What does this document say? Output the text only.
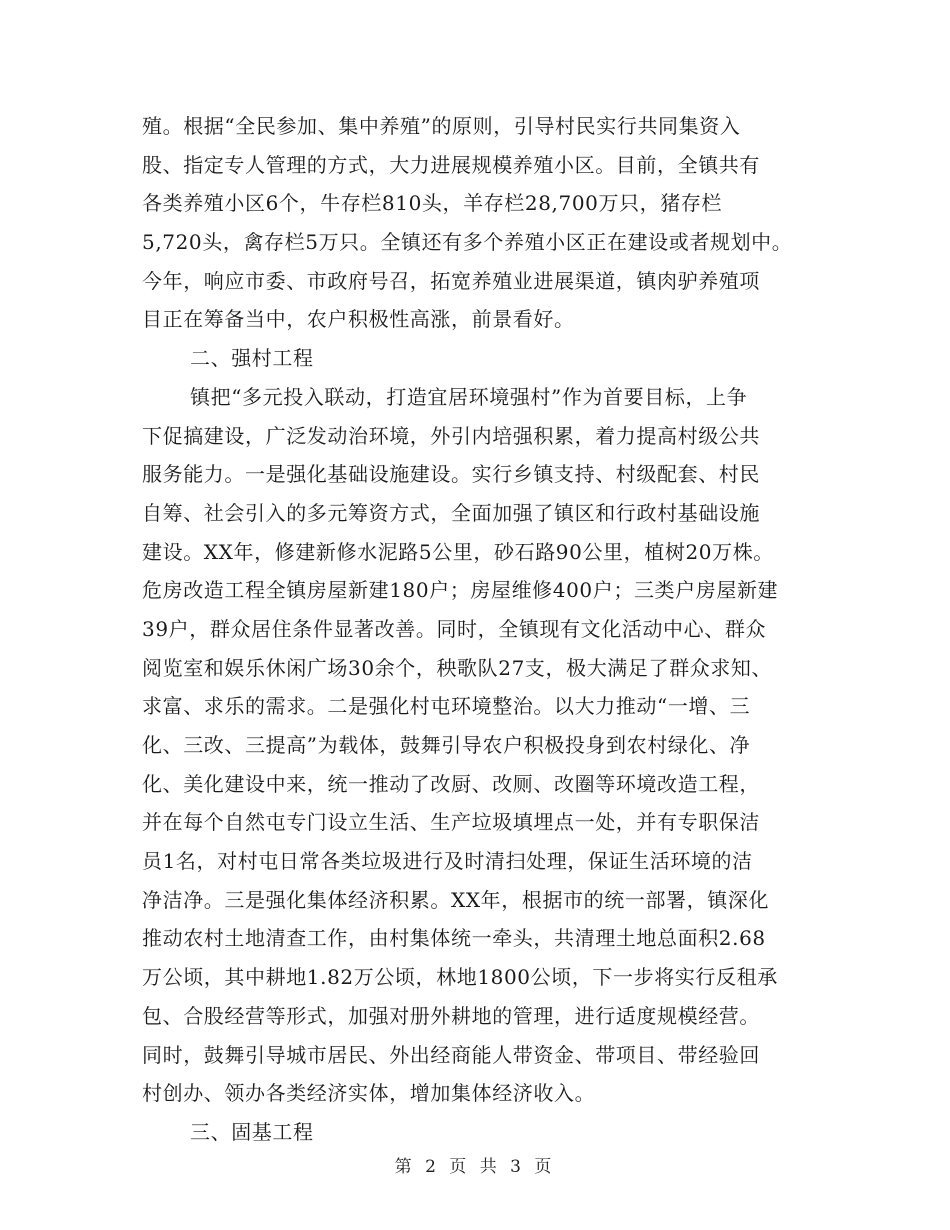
殖。根据“全民参加、集中养殖”的原则，引导村民实行共同集资入
股、指定专人管理的方式，大力进展规模养殖小区。目前，全镇共有
各类养殖小区6个，牛存栏810头，羊存栏28,700万只，猪存栏
5,720头，禽存栏5万只。全镇还有多个养殖小区正在建设或者规划中。
今年，响应市委、市政府号召，拓宽养殖业进展渠道，镇肉驴养殖项
目正在筹备当中，农户积极性高涨，前景看好。
二、强村工程
镇把“多元投入联动，打造宜居环境强村”作为首要目标，上争
下促搞建设，广泛发动治环境，外引内培强积累，着力提高村级公共
服务能力。一是强化基础设施建设。实行乡镇支持、村级配套、村民
自筹、社会引入的多元筹资方式，全面加强了镇区和行政村基础设施
建设。XX年，修建新修水泥路5公里，砂石路90公里，植树20万株。
危房改造工程全镇房屋新建180户；房屋维修400户；三类户房屋新建
39户，群众居住条件显著改善。同时，全镇现有文化活动中心、群众
阅览室和娱乐休闲广场30余个，秧歌队27支，极大满足了群众求知、
求富、求乐的需求。二是强化村屯环境整治。以大力推动“一增、三
化、三改、三提高”为载体，鼓舞引导农户积极投身到农村绿化、净
化、美化建设中来，统一推动了改厨、改厕、改圈等环境改造工程，
并在每个自然屯专门设立生活、生产垃圾填埋点一处，并有专职保洁
员1名，对村屯日常各类垃圾进行及时清扫处理，保证生活环境的洁
净洁净。三是强化集体经济积累。XX年，根据市的统一部署，镇深化
推动农村土地清查工作，由村集体统一牵头，共清理土地总面积2.68
万公顷，其中耕地1.82万公顷，林地1800公顷，下一步将实行反租承
包、合股经营等形式，加强对册外耕地的管理，进行适度规模经营。
同时，鼓舞引导城市居民、外出经商能人带资金、带项目、带经验回
村创办、领办各类经济实体，增加集体经济收入。
三、固基工程
第 2 页 共 3 页
